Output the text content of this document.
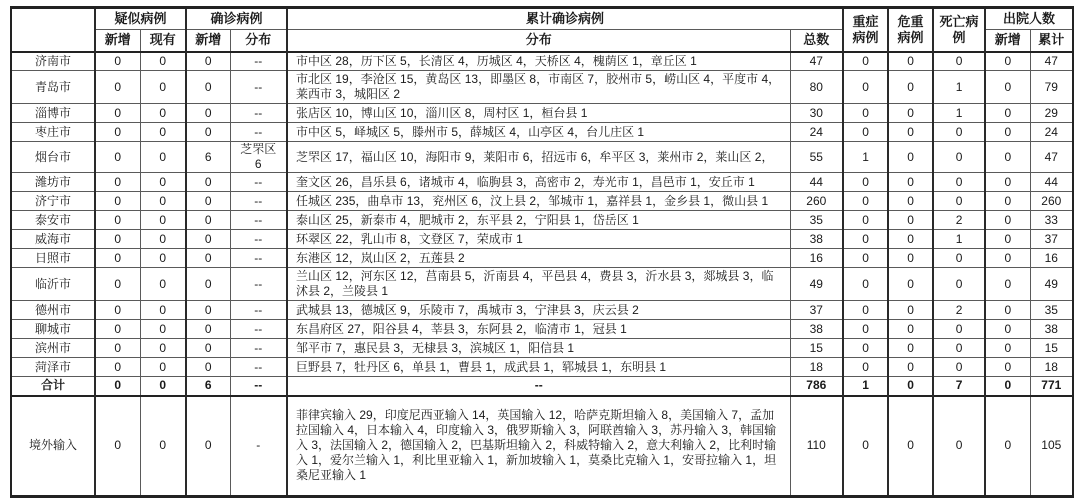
	疑似病例		确诊病例		累计确诊病例		重症病例	危重病例	死亡病例	出院人数	
	新增	现有	新增	分布	分布	总数				新增	累计
济南市	0	0	0	--	市中区 28，历下区 5，长清区 4，历城区 4，天桥区 4，槐荫区 1，章丘区 1	47	0	0	0	0	47
青岛市	0	0	0	--	市北区 19，李沧区 15，黄岛区 13，即墨区 8，市南区 7，胶州市 5，崂山区 4，平度市 4，莱西市 3，城阳区 2	80	0	0	1	0	79
淄博市	0	0	0	--	张店区 10，博山区 10，淄川区 8，周村区 1，桓台县 1	30	0	0	1	0	29
枣庄市	0	0	0	--	市中区 5，峄城区 5，滕州市 5，薛城区 4，山亭区 4，台儿庄区 1	24	0	0	0	0	24
烟台市	0	0	6	芝罘区 6	芝罘区 17，福山区 10，海阳市 9，莱阳市 6，招远市 6，牟平区 3，莱州市 2，莱山区 2，	55	1	0	0	0	47
潍坊市	0	0	0	--	奎文区 26，昌乐县 6，诸城市 4，临朐县 3，高密市 2，寿光市 1，昌邑市 1，安丘市 1	44	0	0	0	0	44
济宁市	0	0	0	--	任城区 235，曲阜市 13，兖州区 6，汶上县 2，邹城市 1，嘉祥县 1，金乡县 1，微山县 1	260	0	0	0	0	260
泰安市	0	0	0	--	泰山区 25，新泰市 4，肥城市 2，东平县 2，宁阳县 1，岱岳区 1	35	0	0	2	0	33
威海市	0	0	0	--	环翠区 22，乳山市 8，文登区 7，荣成市 1	38	0	0	1	0	37
日照市	0	0	0	--	东港区 12，岚山区 2，五莲县 2	16	0	0	0	0	16
临沂市	0	0	0	--	兰山区 12，河东区 12，莒南县 5，沂南县 4，平邑县 4，费县 3，沂水县 3，郯城县 3，临沭县 2，兰陵县 1	49	0	0	0	0	49
德州市	0	0	0	--	武城县 13，德城区 9，乐陵市 7，禹城市 3，宁津县 3，庆云县 2	37	0	0	2	0	35
聊城市	0	0	0	--	东昌府区 27，阳谷县 4，莘县 3，东阿县 2，临清市 1，冠县 1	38	0	0	0	0	38
滨州市	0	0	0	--	邹平市 7，惠民县 3，无棣县 3，滨城区 1，阳信县 1	15	0	0	0	0	15
菏泽市	0	0	0	--	巨野县 7，牡丹区 6，单县 1，曹县 1，成武县 1，郓城县 1，东明县 1	18	0	0	0	0	18
合计	0	0	6	--	--	786	1	0	7	0	771
境外输入	0	0	0	-	菲律宾输入 29，印度尼西亚输入 14，英国输入 12，哈萨克斯坦输入 8，美国输入 7，孟加拉国输入 4，日本输入 4，印度输入 3，俄罗斯输入 3，阿联酋输入 3，苏丹输入 3，韩国输入 3，法国输入 2，德国输入 2，巴基斯坦输入 2，科威特输入 2，意大利输入 2，比利时输入 1，爱尔兰输入 1，利比里亚输入 1，新加坡输入 1，莫桑比克输入 1，安哥拉输入 1，坦桑尼亚输入 1	110	0	0	0	0	105
